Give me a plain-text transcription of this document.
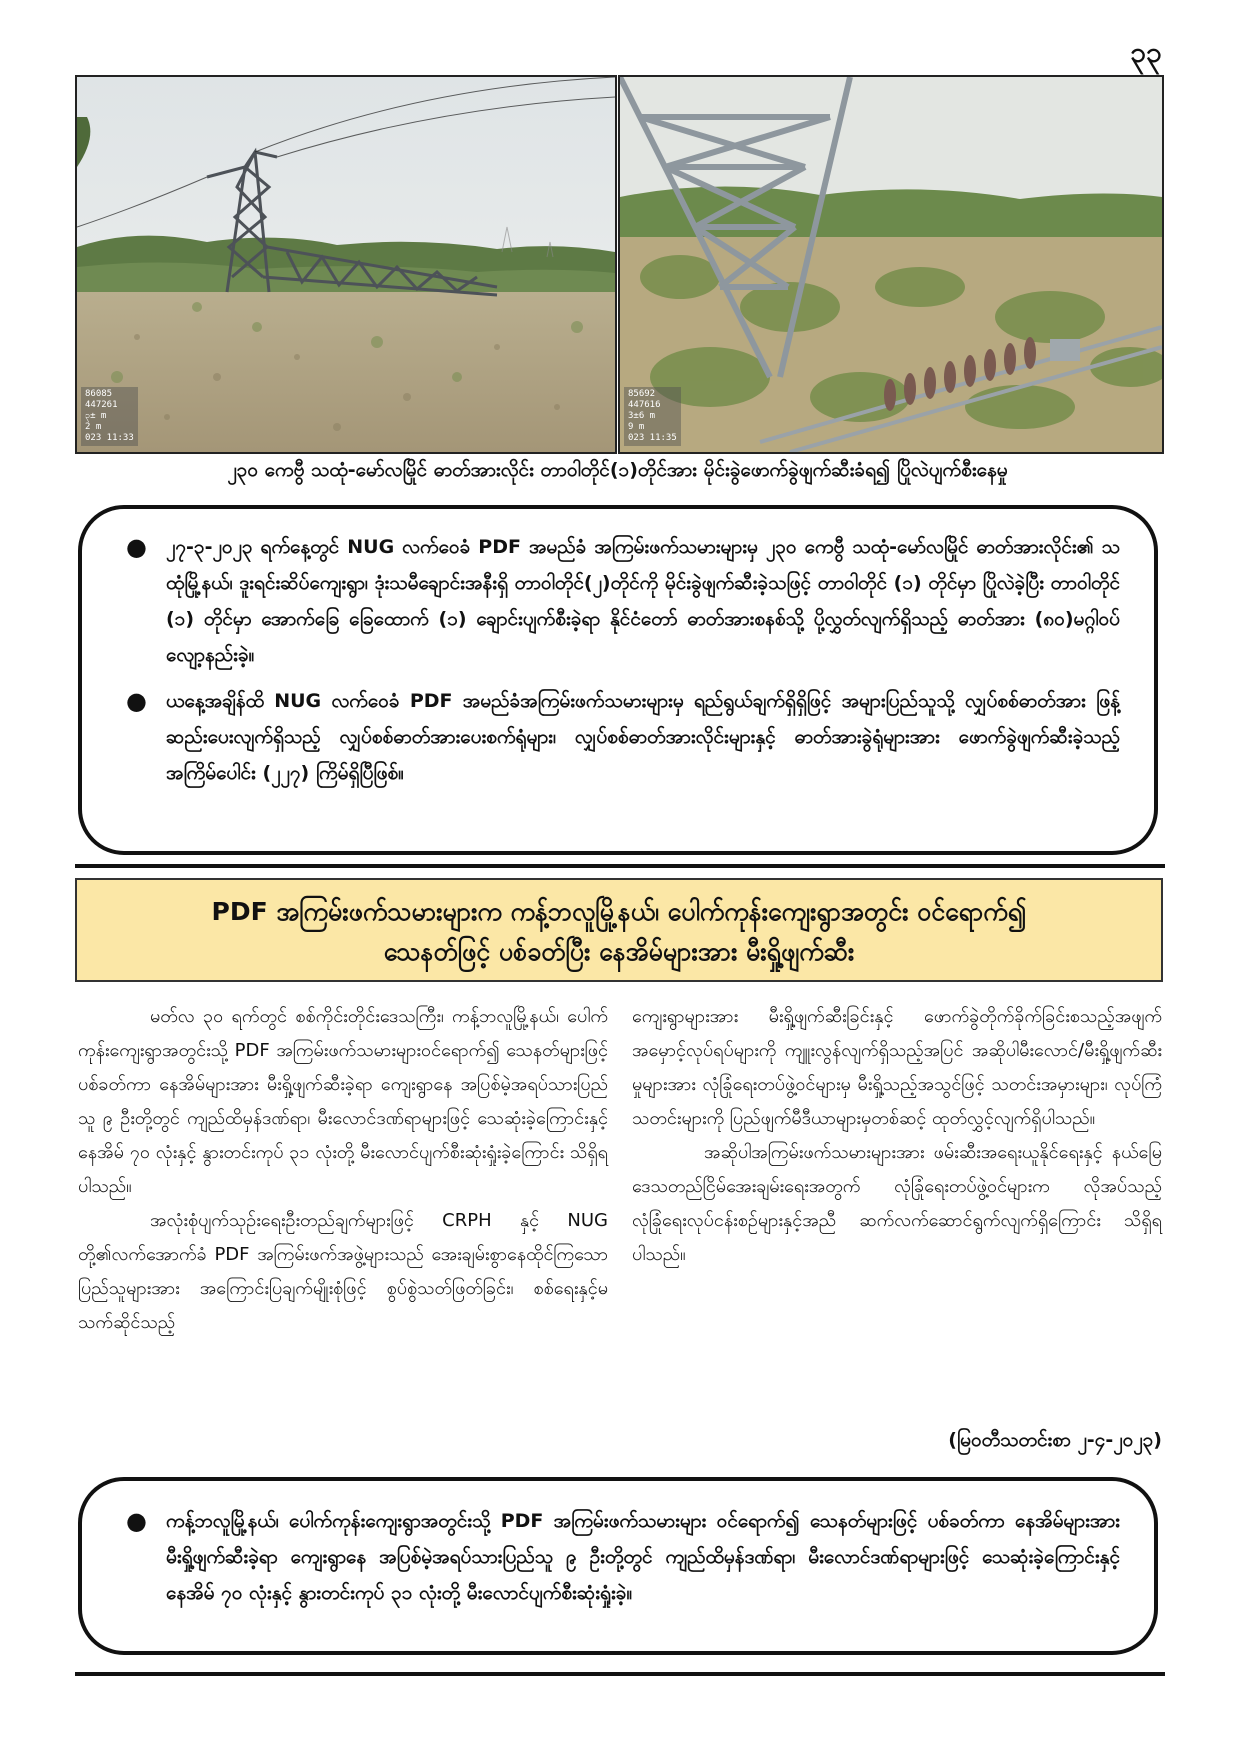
၃၃
86085
447261
၃± m
2 m
023 11:33
85692
447616
3±6 m
9 m
023 11:35
၂၃၀ ကေဗွီ သထုံ-မော်လမြိုင် ဓာတ်အားလိုင်း တာဝါတိုင်(၁)တိုင်အား မိုင်းခွဲဖောက်ခွဲဖျက်ဆီးခံရ၍ ပြိုလဲပျက်စီးနေမှု
● ၂၇-၃-၂၀၂၃ ရက်နေ့တွင် NUG လက်ဝေခံ PDF အမည်ခံ အကြမ်းဖက်သမားများမှ ၂၃၀ ကေဗွီ သထုံ-မော်လမြိုင် ဓာတ်အားလိုင်း၏ သထုံမြို့နယ်၊ ဒူးရင်းဆိပ်ကျေးရွာ၊ ဒုံးသမီချောင်းအနီးရှိ တာဝါတိုင်(၂)တိုင်ကို မိုင်းခွဲဖျက်ဆီးခဲ့သဖြင့် တာဝါတိုင် (၁) တိုင်မှာ ပြိုလဲခဲ့ပြီး တာဝါတိုင် (၁) တိုင်မှာ အောက်ခြေ ခြေထောက် (၁) ချောင်းပျက်စီးခဲ့ရာ နိုင်ငံတော် ဓာတ်အားစနစ်သို့ ပို့လွှတ်လျက်ရှိသည့် ဓာတ်အား (၈၀)မဂ္ဂါဝပ် လျော့နည်းခဲ့။
● ယနေ့အချိန်ထိ NUG လက်ဝေခံ PDF အမည်ခံအကြမ်းဖက်သမားများမှ ရည်ရွယ်ချက်ရှိရှိဖြင့် အများပြည်သူသို့ လျှပ်စစ်ဓာတ်အား ဖြန့်ဆည်းပေးလျက်ရှိသည့် လျှပ်စစ်ဓာတ်အားပေးစက်ရုံများ၊ လျှပ်စစ်ဓာတ်အားလိုင်းများနှင့် ဓာတ်အားခွဲရုံများအား ဖောက်ခွဲဖျက်ဆီးခဲ့သည့် အကြိမ်ပေါင်း (၂၂၇) ကြိမ်ရှိပြီဖြစ်။
PDF အကြမ်းဖက်သမားများက ကန့်ဘလူမြို့နယ်၊ ပေါက်ကုန်းကျေးရွာအတွင်း ဝင်ရောက်၍
သေနတ်ဖြင့် ပစ်ခတ်ပြီး နေအိမ်များအား မီးရှို့ဖျက်ဆီး

မတ်လ ၃၀ ရက်တွင် စစ်ကိုင်းတိုင်းဒေသကြီး၊ ကန့်ဘလူမြို့နယ်၊ ပေါက်ကုန်းကျေးရွာအတွင်းသို့ PDF အကြမ်းဖက်သမားများဝင်ရောက်၍ သေနတ်များဖြင့် ပစ်ခတ်ကာ နေအိမ်များအား မီးရှို့ဖျက်ဆီးခဲ့ရာ ကျေးရွာနေ အပြစ်မဲ့အရပ်သားပြည်သူ ၉ ဦးတို့တွင် ကျည်ထိမှန်ဒဏ်ရာ၊ မီးလောင်ဒဏ်ရာများဖြင့် သေဆုံးခဲ့ကြောင်းနှင့် နေအိမ် ၇၀ လုံးနှင့် နွားတင်းကုပ် ၃၁ လုံးတို့ မီးလောင်ပျက်စီးဆုံးရှုံးခဲ့ကြောင်း သိရှိရပါသည်။

အလုံးစုံပျက်သုဉ်းရေးဦးတည်ချက်များဖြင့် CRPH နှင့် NUG တို့၏လက်အောက်ခံ PDF အကြမ်းဖက်အဖွဲ့များသည် အေးချမ်းစွာနေထိုင်ကြသော ပြည်သူများအား အကြောင်းပြချက်မျိုးစုံဖြင့် စွပ်စွဲသတ်ဖြတ်ခြင်း၊ စစ်ရေးနှင့်မသက်ဆိုင်သည့်

ကျေးရွာများအား မီးရှို့ဖျက်ဆီးခြင်းနှင့် ဖောက်ခွဲတိုက်ခိုက်ခြင်းစသည့်အဖျက်အမှောင့်လုပ်ရပ်များကို ကျူးလွန်လျက်ရှိသည့်အပြင် အဆိုပါမီးလောင်/မီးရှို့ဖျက်ဆီးမှုများအား လုံခြုံရေးတပ်ဖွဲ့ဝင်များမှ မီးရှို့သည့်အသွင်ဖြင့် သတင်းအမှားများ၊ လုပ်ကြံသတင်းများကို ပြည်ဖျက်မီဒီယာများမှတစ်ဆင့် ထုတ်လွှင့်လျက်ရှိပါသည်။

အဆိုပါအကြမ်းဖက်သမားများအား ဖမ်းဆီးအရေးယူနိုင်ရေးနှင့် နယ်မြေဒေသတည်ငြိမ်အေးချမ်းရေးအတွက် လုံခြုံရေးတပ်ဖွဲ့ဝင်များက လိုအပ်သည့် လုံခြုံရေးလုပ်ငန်းစဉ်များနှင့်အညီ ဆက်လက်ဆောင်ရွက်လျက်ရှိကြောင်း သိရှိရပါသည်။

(မြဝတီသတင်းစာ ၂-၄-၂၀၂၃)
● ကန့်ဘလူမြို့နယ်၊ ပေါက်ကုန်းကျေးရွာအတွင်းသို့ PDF အကြမ်းဖက်သမားများ ဝင်ရောက်၍ သေနတ်များဖြင့် ပစ်ခတ်ကာ နေအိမ်များအား မီးရှို့ဖျက်ဆီးခဲ့ရာ ကျေးရွာနေ အပြစ်မဲ့အရပ်သားပြည်သူ ၉ ဦးတို့တွင် ကျည်ထိမှန်ဒဏ်ရာ၊ မီးလောင်ဒဏ်ရာများဖြင့် သေဆုံးခဲ့ကြောင်းနှင့် နေအိမ် ၇၀ လုံးနှင့် နွားတင်းကုပ် ၃၁ လုံးတို့ မီးလောင်ပျက်စီးဆုံးရှုံးခဲ့။
